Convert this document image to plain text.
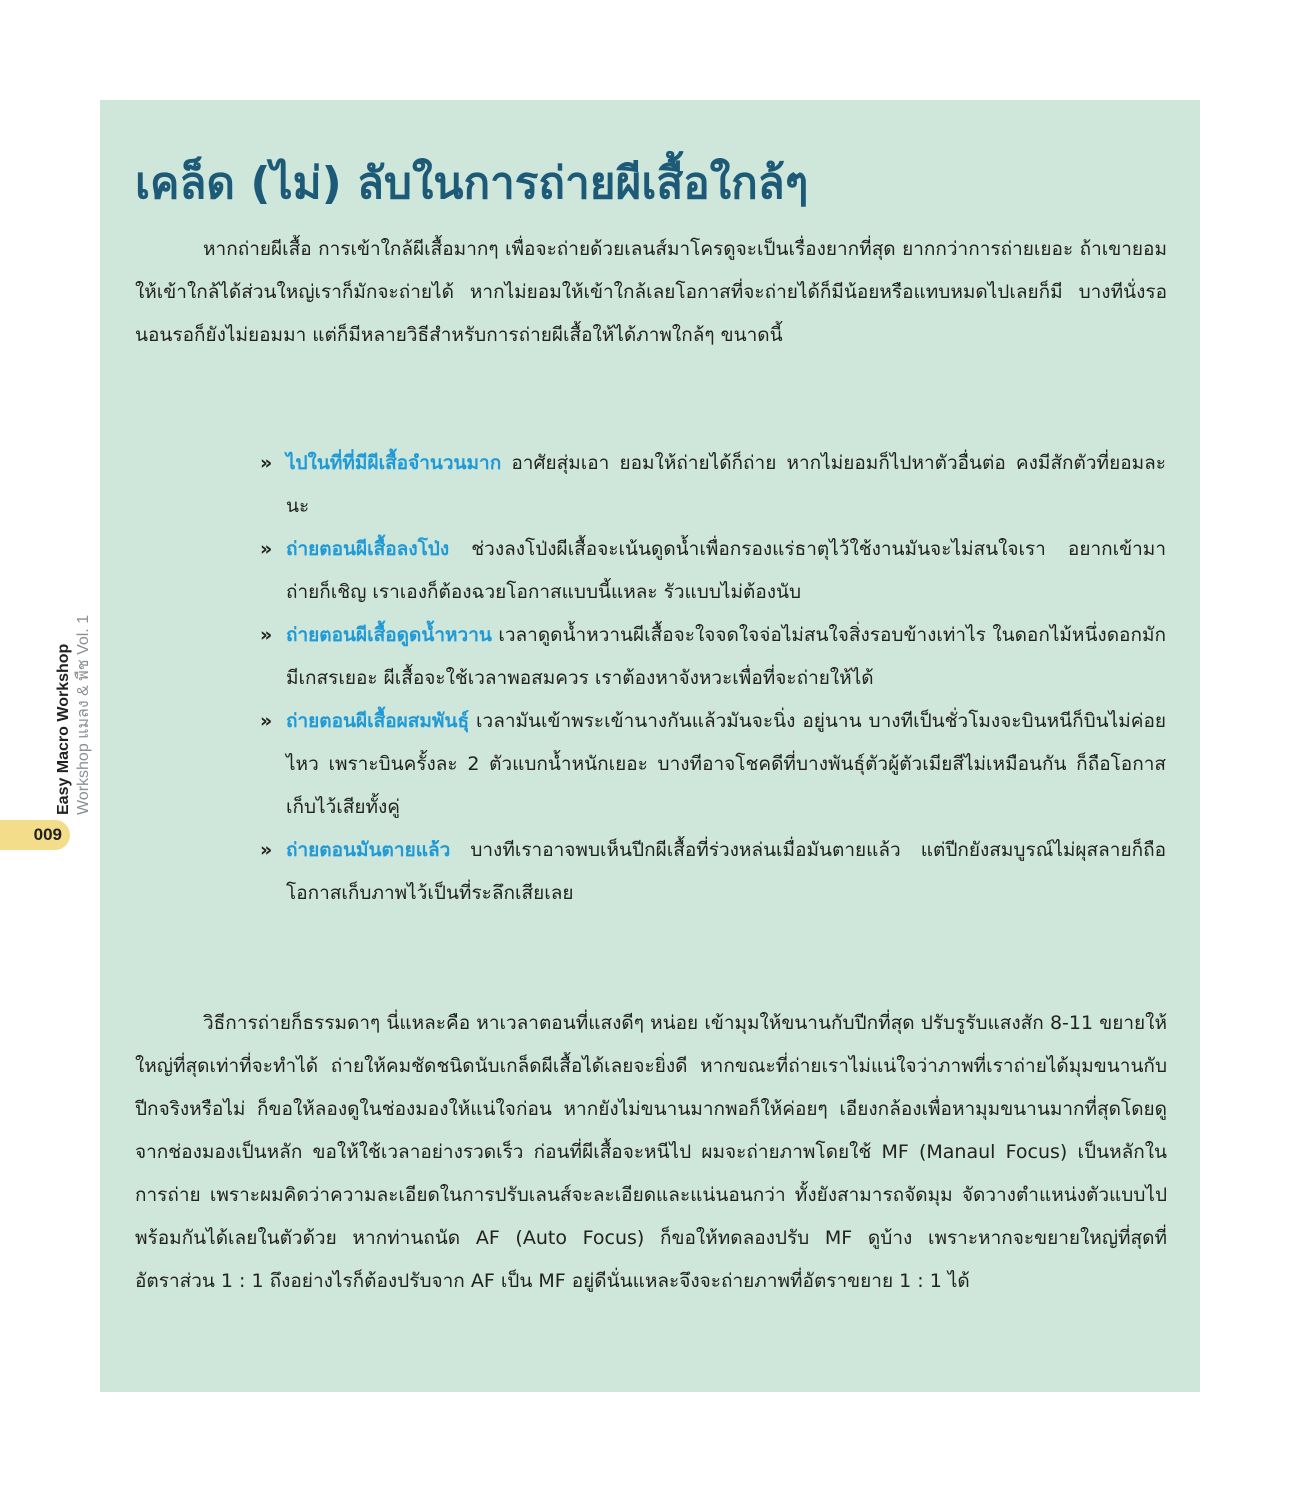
เคล็ด (ไม่) ลับในการถ่ายผีเสื้อใกล้ๆ

หากถ่ายผีเสื้อ การเข้าใกล้ผีเสื้อมากๆ เพื่อจะถ่ายด้วยเลนส์มาโครดูจะเป็นเรื่องยากที่สุด ยากกว่าการถ่ายเยอะ ถ้าเขายอมให้เข้าใกล้ได้ส่วนใหญ่เราก็มักจะถ่ายได้ หากไม่ยอมให้เข้าใกล้เลยโอกาสที่จะถ่ายได้ก็มีน้อยหรือแทบหมดไปเลยก็มี บางทีนั่งรอนอนรอก็ยังไม่ยอมมา แต่ก็มีหลายวิธีสำหรับการถ่ายผีเสื้อให้ได้ภาพใกล้ๆ ขนาดนี้

» ไปในที่ที่มีผีเสื้อจำนวนมาก อาศัยสุ่มเอา ยอมให้ถ่ายได้ก็ถ่าย หากไม่ยอมก็ไปหาตัวอื่นต่อ คงมีสักตัวที่ยอมละนะ
» ถ่ายตอนผีเสื้อลงโป่ง ช่วงลงโป่งผีเสื้อจะเน้นดูดน้ำเพื่อกรองแร่ธาตุไว้ใช้งานมันจะไม่สนใจเรา อยากเข้ามาถ่ายก็เชิญ เราเองก็ต้องฉวยโอกาสแบบนี้แหละ รัวแบบไม่ต้องนับ
» ถ่ายตอนผีเสื้อดูดน้ำหวาน เวลาดูดน้ำหวานผีเสื้อจะใจจดใจจ่อไม่สนใจสิ่งรอบข้างเท่าไร ในดอกไม้หนึ่งดอกมักมีเกสรเยอะ ผีเสื้อจะใช้เวลาพอสมควร เราต้องหาจังหวะเพื่อที่จะถ่ายให้ได้
» ถ่ายตอนผีเสื้อผสมพันธุ์ เวลามันเข้าพระเข้านางกันแล้วมันจะนิ่ง อยู่นาน บางทีเป็นชั่วโมงจะบินหนีก็บินไม่ค่อยไหว เพราะบินครั้งละ 2 ตัวแบกน้ำหนักเยอะ บางทีอาจโชคดีที่บางพันธุ์ตัวผู้ตัวเมียสีไม่เหมือนกัน ก็ถือโอกาสเก็บไว้เสียทั้งคู่
» ถ่ายตอนมันตายแล้ว บางทีเราอาจพบเห็นปีกผีเสื้อที่ร่วงหล่นเมื่อมันตายแล้ว แต่ปีกยังสมบูรณ์ไม่ผุสลายก็ถือโอกาสเก็บภาพไว้เป็นที่ระลึกเสียเลย

วิธีการถ่ายก็ธรรมดาๆ นี่แหละคือ หาเวลาตอนที่แสงดีๆ หน่อย เข้ามุมให้ขนานกับปีกที่สุด ปรับรูรับแสงสัก 8-11 ขยายให้ใหญ่ที่สุดเท่าที่จะทำได้ ถ่ายให้คมชัดชนิดนับเกล็ดผีเสื้อได้เลยจะยิ่งดี หากขณะที่ถ่ายเราไม่แน่ใจว่าภาพที่เราถ่ายได้มุมขนานกับปีกจริงหรือไม่ ก็ขอให้ลองดูในช่องมองให้แน่ใจก่อน หากยังไม่ขนานมากพอก็ให้ค่อยๆ เอียงกล้องเพื่อหามุมขนานมากที่สุดโดยดูจากช่องมองเป็นหลัก ขอให้ใช้เวลาอย่างรวดเร็ว ก่อนที่ผีเสื้อจะหนีไป ผมจะถ่ายภาพโดยใช้ MF (Manaul Focus) เป็นหลักในการถ่าย เพราะผมคิดว่าความละเอียดในการปรับเลนส์จะละเอียดและแน่นอนกว่า ทั้งยังสามารถจัดมุม จัดวางตำแหน่งตัวแบบไปพร้อมกันได้เลยในตัวด้วย หากท่านถนัด AF (Auto Focus) ก็ขอให้ทดลองปรับ MF ดูบ้าง เพราะหากจะขยายใหญ่ที่สุดที่อัตราส่วน 1 : 1 ถึงอย่างไรก็ต้องปรับจาก AF เป็น MF อยู่ดีนั่นแหละจึงจะถ่ายภาพที่อัตราขยาย 1 : 1 ได้

Easy Macro Workshop Workshop แมลง & พืช Vol. 1
009
